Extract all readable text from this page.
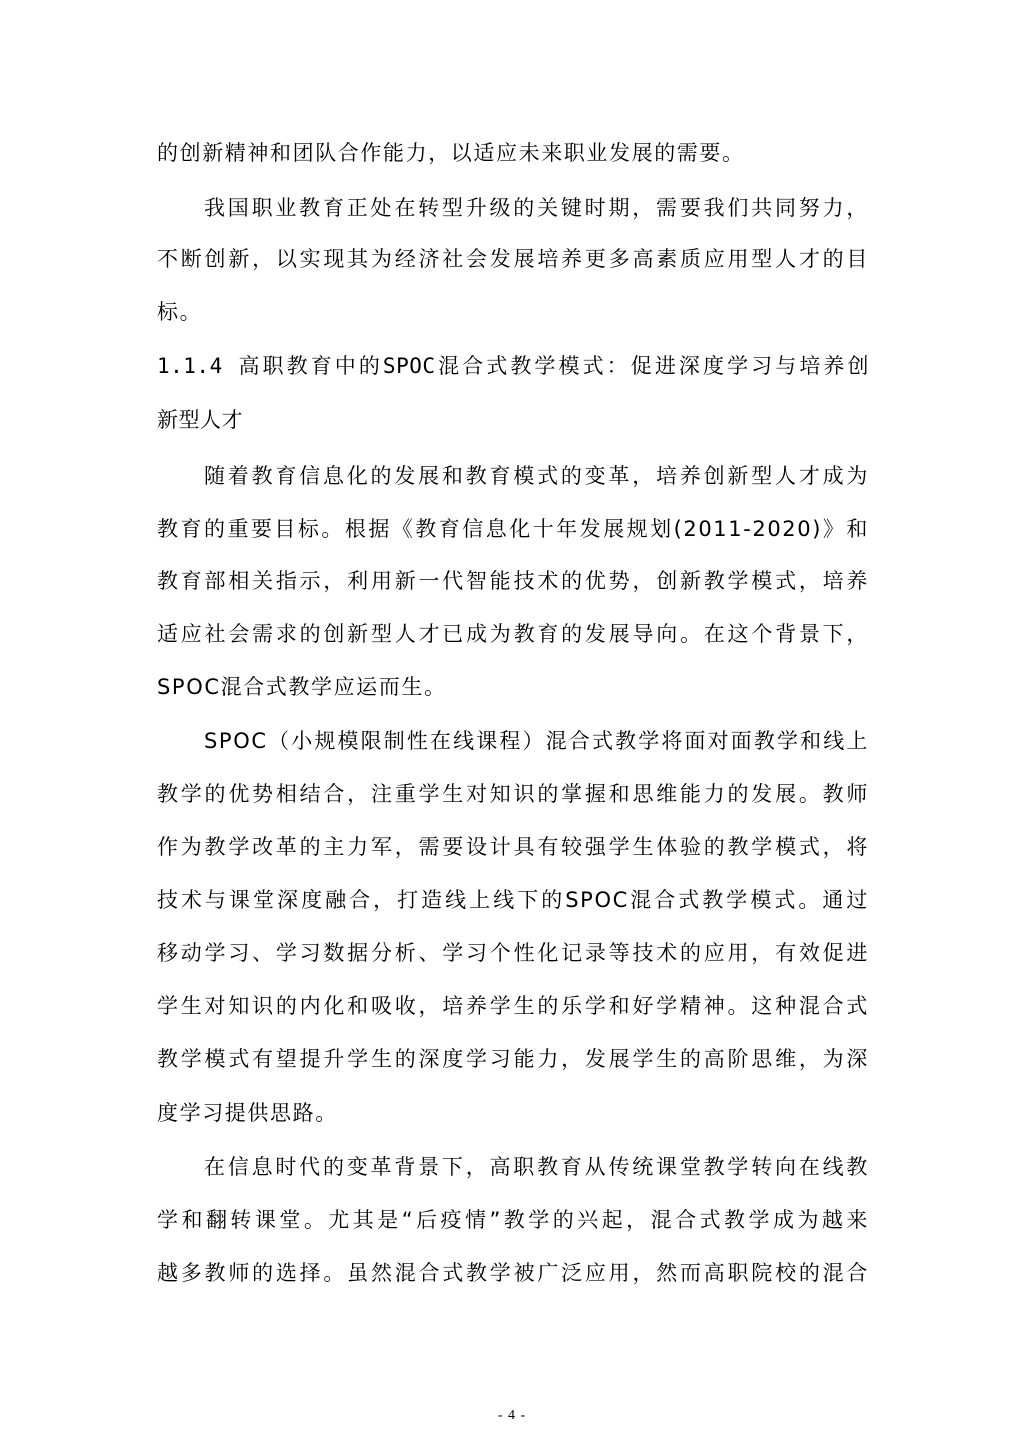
的创新精神和团队合作能力，以适应未来职业发展的需要。
我国职业教育正处在转型升级的关键时期，需要我们共同努力，
不断创新，以实现其为经济社会发展培养更多高素质应用型人才的目
标。
1.1.4 高职教育中的SPOC混合式教学模式：促进深度学习与培养创
新型人才
随着教育信息化的发展和教育模式的变革，培养创新型人才成为
教育的重要目标。根据《教育信息化十年发展规划(2011-2020)》和
教育部相关指示，利用新一代智能技术的优势，创新教学模式，培养
适应社会需求的创新型人才已成为教育的发展导向。在这个背景下，
SPOC混合式教学应运而生。
SPOC（小规模限制性在线课程）混合式教学将面对面教学和线上
教学的优势相结合，注重学生对知识的掌握和思维能力的发展。教师
作为教学改革的主力军，需要设计具有较强学生体验的教学模式，将
技术与课堂深度融合，打造线上线下的SPOC混合式教学模式。通过
移动学习、学习数据分析、学习个性化记录等技术的应用，有效促进
学生对知识的内化和吸收，培养学生的乐学和好学精神。这种混合式
教学模式有望提升学生的深度学习能力，发展学生的高阶思维，为深
度学习提供思路。
在信息时代的变革背景下，高职教育从传统课堂教学转向在线教
学和翻转课堂。尤其是“后疫情”教学的兴起，混合式教学成为越来
越多教师的选择。虽然混合式教学被广泛应用，然而高职院校的混合
- 4 -
